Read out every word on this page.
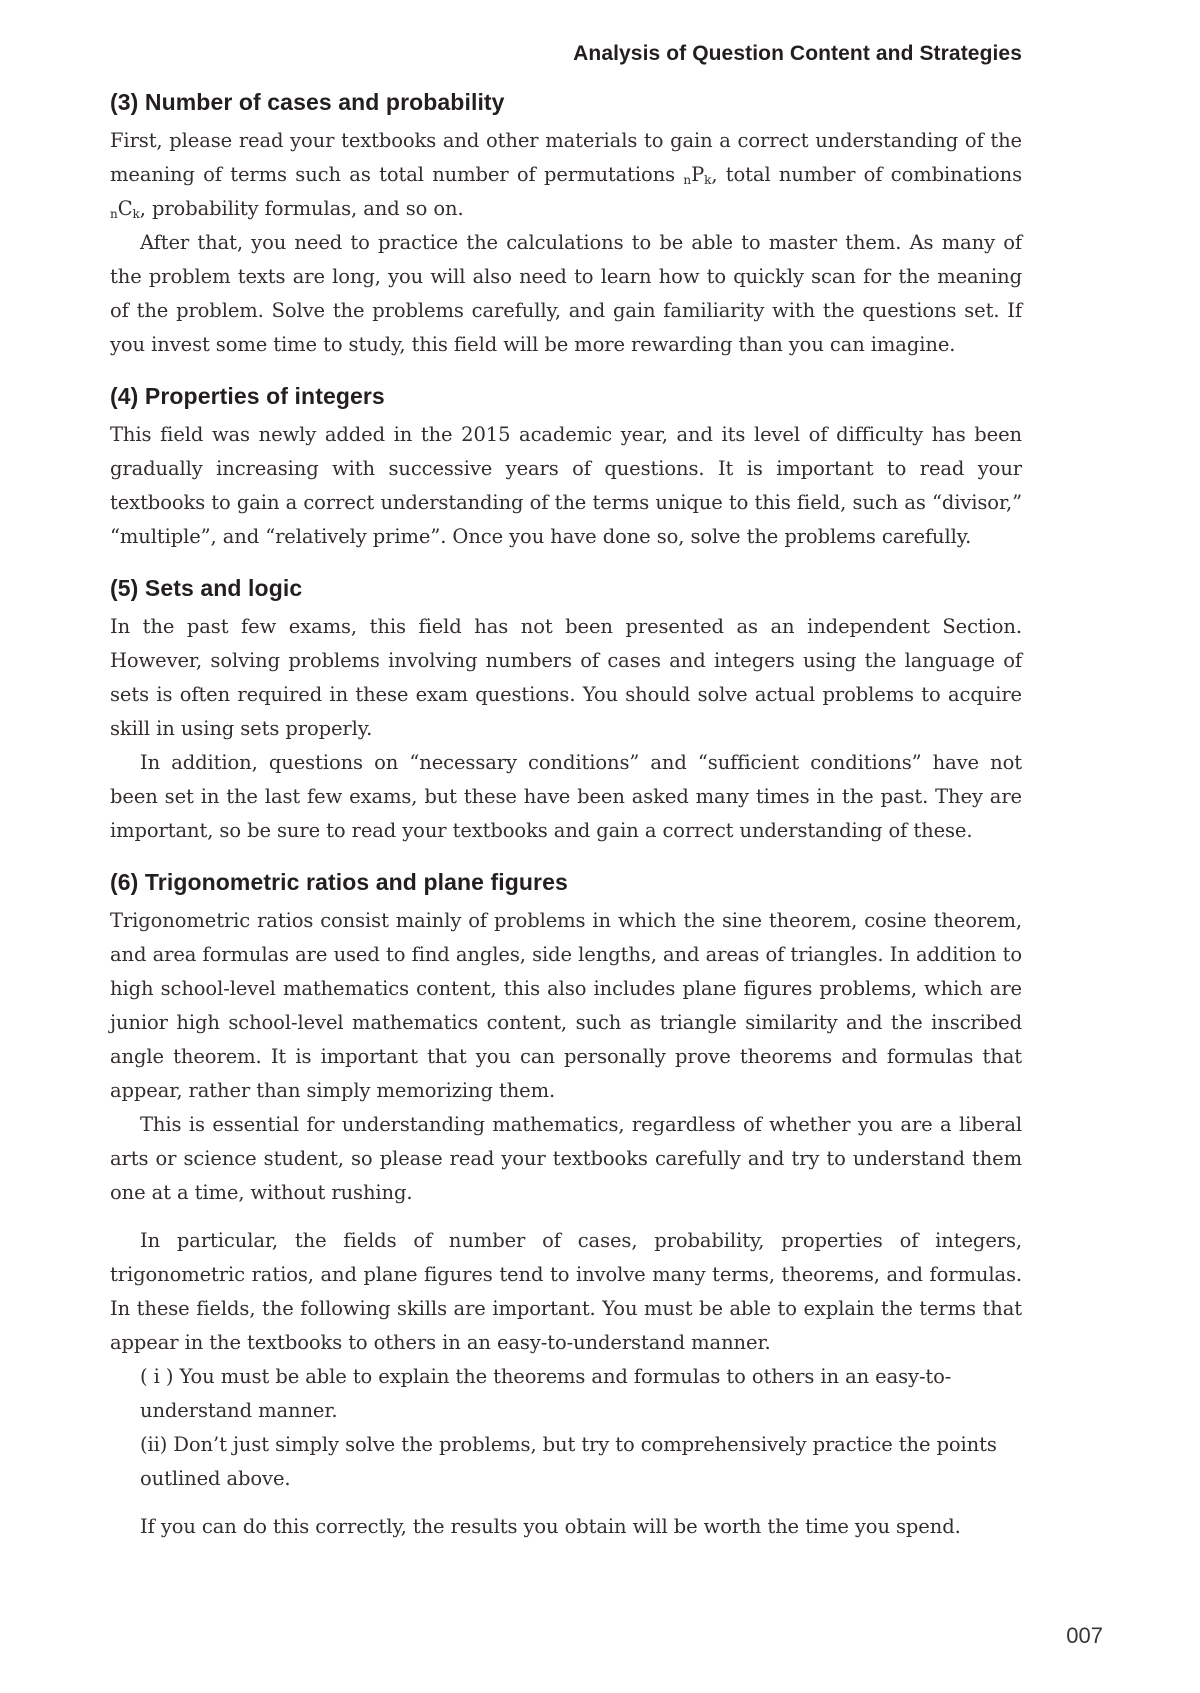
Analysis of Question Content and Strategies
(3) Number of cases and probability

First, please read your textbooks and other materials to gain a correct understanding of the meaning of terms such as total number of permutations $_nP_k$, total number of combinations $_nC_k$, probability formulas, and so on.

After that, you need to practice the calculations to be able to master them. As many of the problem texts are long, you will also need to learn how to quickly scan for the meaning of the problem. Solve the problems carefully, and gain familiarity with the questions set. If you invest some time to study, this field will be more rewarding than you can imagine.

(4) Properties of integers

This field was newly added in the 2015 academic year, and its level of difficulty has been gradually increasing with successive years of questions. It is important to read your textbooks to gain a correct understanding of the terms unique to this field, such as “divisor,” “multiple”, and “relatively prime”. Once you have done so, solve the problems carefully.

(5) Sets and logic

In the past few exams, this field has not been presented as an independent Section. However, solving problems involving numbers of cases and integers using the language of sets is often required in these exam questions. You should solve actual problems to acquire skill in using sets properly.

In addition, questions on “necessary conditions” and “sufficient conditions” have not been set in the last few exams, but these have been asked many times in the past. They are important, so be sure to read your textbooks and gain a correct understanding of these.

(6) Trigonometric ratios and plane figures

Trigonometric ratios consist mainly of problems in which the sine theorem, cosine theorem, and area formulas are used to find angles, side lengths, and areas of triangles. In addition to high school-level mathematics content, this also includes plane figures problems, which are junior high school-level mathematics content, such as triangle similarity and the inscribed angle theorem. It is important that you can personally prove theorems and formulas that appear, rather than simply memorizing them.

This is essential for understanding mathematics, regardless of whether you are a liberal arts or science student, so please read your textbooks carefully and try to understand them one at a time, without rushing.

In particular, the fields of number of cases, probability, properties of integers, trigonometric ratios, and plane figures tend to involve many terms, theorems, and formulas. In these fields, the following skills are important. You must be able to explain the terms that appear in the textbooks to others in an easy-to-understand manner.

( i ) You must be able to explain the theorems and formulas to others in an easy-to-understand manner.

(ii) Don’t just simply solve the problems, but try to comprehensively practice the points outlined above.

If you can do this correctly, the results you obtain will be worth the time you spend.

007
